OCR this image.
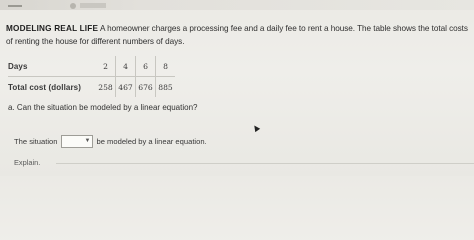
MODELING REAL LIFE A homeowner charges a processing fee and a daily fee to rent a house. The table shows the total costs of renting the house for different numbers of days.
Days	2	4	6	8
Total cost (dollars)	258	467	676	885
a. Can the situation be modeled by a linear equation?
The situation	▼ be modeled by a linear equation.
Explain.
